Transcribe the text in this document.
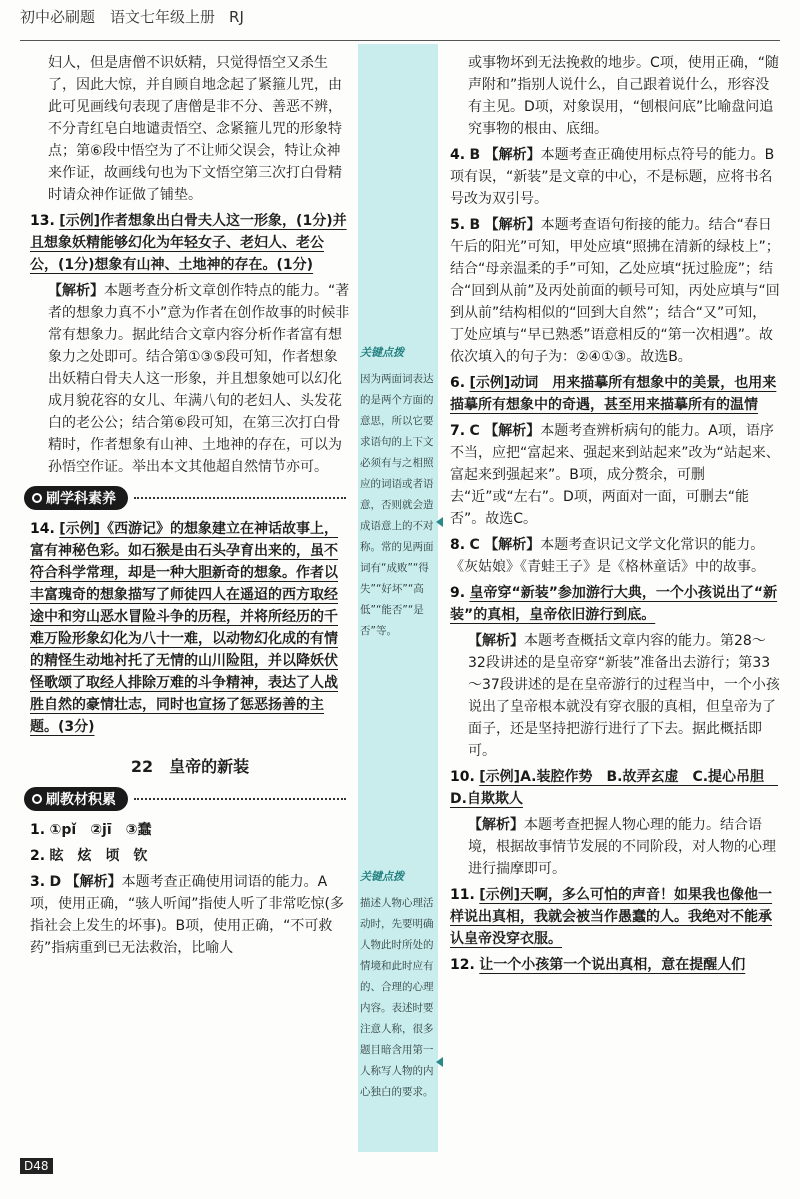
初中必刷题　语文七年级上册 RJ

妇人，但是唐僧不识妖精，只觉得悟空又杀生了，因此大惊，并自顾自地念起了紧箍儿咒，由此可见画线句表现了唐僧是非不分、善恶不辨，不分青红皂白地谴责悟空、念紧箍儿咒的形象特点；第⑥段中悟空为了不让师父误会，特让众神来作证，故画线句也为下文悟空第三次打白骨精时请众神作证做了铺垫。

13. [示例]作者想象出白骨夫人这一形象，(1分)并且想象妖精能够幻化为年轻女子、老妇人、老公公，(1分)想象有山神、土地神的存在。(1分)

【解析】本题考查分析文章创作特点的能力。“著者的想象力真不小”意为作者在创作故事的时候非常有想象力。据此结合文章内容分析作者富有想象力之处即可。结合第①③⑤段可知，作者想象出妖精白骨夫人这一形象，并且想象她可以幻化成月貌花容的女儿、年满八旬的老妇人、头发花白的老公公；结合第⑥段可知，在第三次打白骨精时，作者想象有山神、土地神的存在，可以为孙悟空作证。举出本文其他超自然情节亦可。

刷学科素养

14. [示例]《西游记》的想象建立在神话故事上，富有神秘色彩。如石猴是由石头孕育出来的，虽不符合科学常理，却是一种大胆新奇的想象。作者以丰富瑰奇的想象描写了师徒四人在遥迢的西方取经途中和穷山恶水冒险斗争的历程，并将所经历的千难万险形象幻化为八十一难，以动物幻化成的有情的精怪生动地衬托了无情的山川险阻，并以降妖伏怪歌颂了取经人排除万难的斗争精神，表达了人战胜自然的豪情壮志，同时也宣扬了惩恶扬善的主题。(3分)

22　皇帝的新装
刷教材积累

1. ①pǐ　②jī　③蠢

2. 眩　炫　顷　钦

3. D 【解析】本题考查正确使用词语的能力。A项，使用正确，“骇人听闻”指使人听了非常吃惊(多指社会上发生的坏事)。B项，使用正确，“不可救药”指病重到已无法救治，比喻人

关键点拨
因为两面词表达的是两个方面的意思，所以它要求语句的上下文必须有与之相照应的词语或者语意，否则就会造成语意上的不对称。常的见两面词有“成败”“得失”“好坏”“高低”“能否”“是否”等。
关键点拨
描述人物心理活动时，先要明确人物此时所处的情境和此时应有的、合理的心理内容。表述时要注意人称，很多题目暗含用第一人称写人物的内心独白的要求。

或事物坏到无法挽救的地步。C项，使用正确，“随声附和”指别人说什么，自己跟着说什么，形容没有主见。D项，对象误用，“刨根问底”比喻盘问追究事物的根由、底细。

4. B 【解析】本题考查正确使用标点符号的能力。B项有误，“新装”是文章的中心，不是标题，应将书名号改为双引号。

5. B 【解析】本题考查语句衔接的能力。结合“春日午后的阳光”可知，甲处应填“照拂在清新的绿枝上”；结合“母亲温柔的手”可知，乙处应填“抚过脸庞”；结合“回到从前”及丙处前面的顿号可知，丙处应填与“回到从前”结构相似的“回到大自然”；结合“又”可知，丁处应填与“早已熟悉”语意相反的“第一次相遇”。故依次填入的句子为：②④①③。故选B。

6. [示例]动词　用来描摹所有想象中的美景，也用来描摹所有想象中的奇遇，甚至用来描摹所有的温情

7. C 【解析】本题考查辨析病句的能力。A项，语序不当，应把“富起来、强起来到站起来”改为“站起来、富起来到强起来”。B项，成分赘余，可删去“近”或“左右”。D项，两面对一面，可删去“能否”。故选C。

8. C 【解析】本题考查识记文学文化常识的能力。《灰姑娘》《青蛙王子》是《格林童话》中的故事。

9. 皇帝穿“新装”参加游行大典，一个小孩说出了“新装”的真相，皇帝依旧游行到底。

【解析】本题考查概括文章内容的能力。第28～32段讲述的是皇帝穿“新装”准备出去游行；第33～37段讲述的是在皇帝游行的过程当中，一个小孩说出了皇帝根本就没有穿衣服的真相，但皇帝为了面子，还是坚持把游行进行了下去。据此概括即可。

10. [示例]A.装腔作势　B.故弄玄虚　C.提心吊胆　D.自欺欺人

【解析】本题考查把握人物心理的能力。结合语境，根据故事情节发展的不同阶段，对人物的心理进行揣摩即可。

11. [示例]天啊，多么可怕的声音！如果我也像他一样说出真相，我就会被当作愚蠢的人。我绝对不能承认皇帝没穿衣服。

12. 让一个小孩第一个说出真相，意在提醒人们

D48
